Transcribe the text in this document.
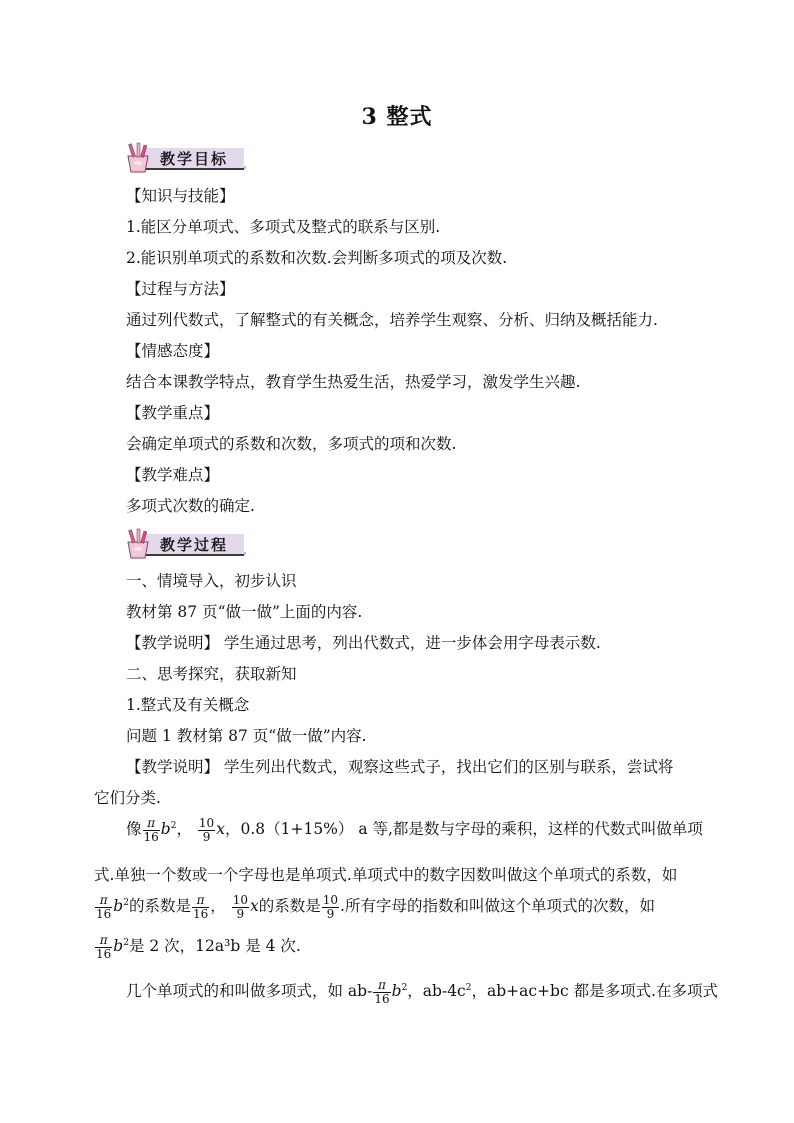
3 整式
教学目标
【知识与技能】
1.能区分单项式、多项式及整式的联系与区别.
2.能识别单项式的系数和次数.会判断多项式的项及次数.
【过程与方法】
通过列代数式，了解整式的有关概念，培养学生观察、分析、归纳及概括能力.
【情感态度】
结合本课教学特点，教育学生热爱生活，热爱学习，激发学生兴趣.
【教学重点】
会确定单项式的系数和次数，多项式的项和次数.
【教学难点】
多项式次数的确定.
教学过程
一、情境导入，初步认识
教材第 87 页“做一做”上面的内容.
【教学说明】 学生通过思考，列出代数式，进一步体会用字母表示数.
二、思考探究，获取新知
1.整式及有关概念
问题 1 教材第 87 页“做一做”内容.
【教学说明】 学生列出代数式，观察这些式子，找出它们的区别与联系，尝试将
它们分类.
像 $\frac{\pi}{16} b^2$， $\frac{10}{9}$ x，0.8（1+15%） a 等,都是数与字母的乘积，这样的代数式叫做单项
式.单独一个数或一个字母也是单项式.单项式中的数字因数叫做这个单项式的系数，如
$\frac{\pi}{16} b^2$的系数是 $\frac{\pi}{16}$ ， $\frac{10}{9}$ x的系数是 $\frac{10}{9}$ .所有字母的指数和叫做这个单项式的次数，如
$\frac{\pi}{16} b^2$是 2 次，12a³b 是 4 次.
几个单项式的和叫做多项式，如 $ab- \frac{\pi}{16} b^2$，$ab-4c^2$，ab+ac+bc 都是多项式.在多项式
